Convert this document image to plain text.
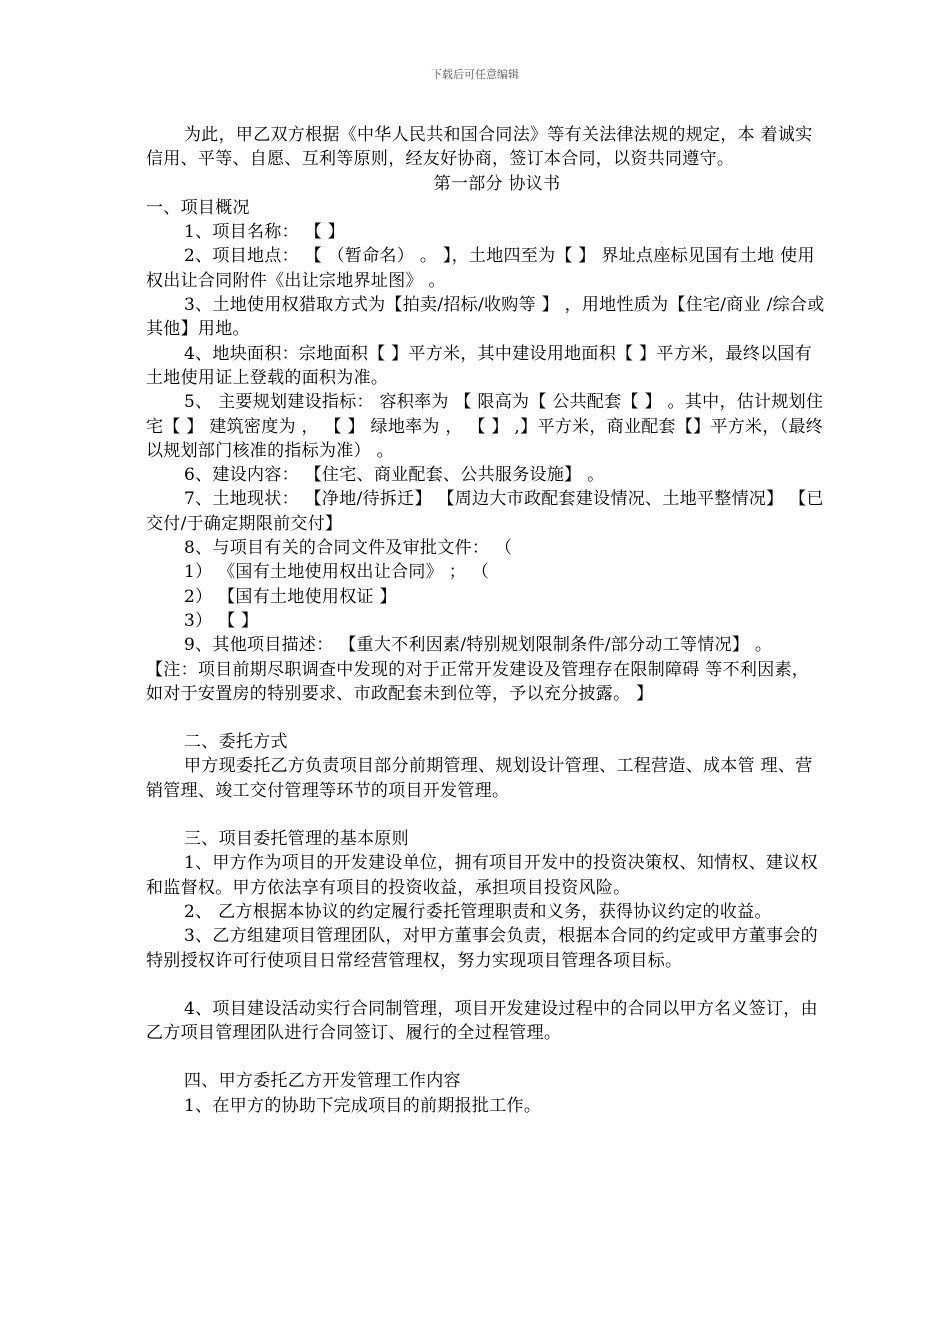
下载后可任意编辑

为此，甲乙双方根据《中华人民共和国合同法》等有关法律法规的规定，本 着诚实信用、平等、自愿、互利等原则，经友好协商，签订本合同，以资共同遵守。

第一部分 协议书

一、项目概况

1、项目名称： 【 】

2、项目地点： 【 （暂命名） 。 】，土地四至为【 】 界址点座标见国有土地 使用权出让合同附件《出让宗地界址图》 。

3、土地使用权猎取方式为【拍卖/招标/收购等 】 ，用地性质为【住宅/商业 /综合或其他】用地。

4、地块面积：宗地面积【 】平方米，其中建设用地面积【 】平方米，最终以国有土地使用证上登载的面积为准。

5、 主要规划建设指标： 容积率为 【 限高为【 公共配套【 】 。其中，估计规划住宅【 】 建筑密度为 ， 【 】 绿地率为 ， 【 】 ,】平方米，商业配套【】平方米，（最终以规划部门核准的指标为准） 。

6、建设内容： 【住宅、商业配套、公共服务设施】 。

7、土地现状： 【净地/待拆迁】 【周边大市政配套建设情况、土地平整情况】 【已交付/于确定期限前交付】

8、与项目有关的合同文件及审批文件： （

1） 《国有土地使用权出让合同》 ； （

2） 【国有土地使用权证 】

3） 【 】

9、其他项目描述： 【重大不利因素/特别规划限制条件/部分动工等情况】 。 【注：项目前期尽职调查中发现的对于正常开发建设及管理存在限制障碍 等不利因素，如对于安置房的特别要求、市政配套未到位等，予以充分披露。 】

二、委托方式

甲方现委托乙方负责项目部分前期管理、规划设计管理、工程营造、成本管 理、营销管理、竣工交付管理等环节的项目开发管理。

三、项目委托管理的基本原则

1、甲方作为项目的开发建设单位，拥有项目开发中的投资决策权、知情权、建议权和监督权。甲方依法享有项目的投资收益，承担项目投资风险。

2、 乙方根据本协议的约定履行委托管理职责和义务，获得协议约定的收益。

3、乙方组建项目管理团队，对甲方董事会负责，根据本合同的约定或甲方董事会的特别授权许可行使项目日常经营管理权，努力实现项目管理各项目标。

4、项目建设活动实行合同制管理，项目开发建设过程中的合同以甲方名义签订，由乙方项目管理团队进行合同签订、履行的全过程管理。

四、甲方委托乙方开发管理工作内容

1、在甲方的协助下完成项目的前期报批工作。
